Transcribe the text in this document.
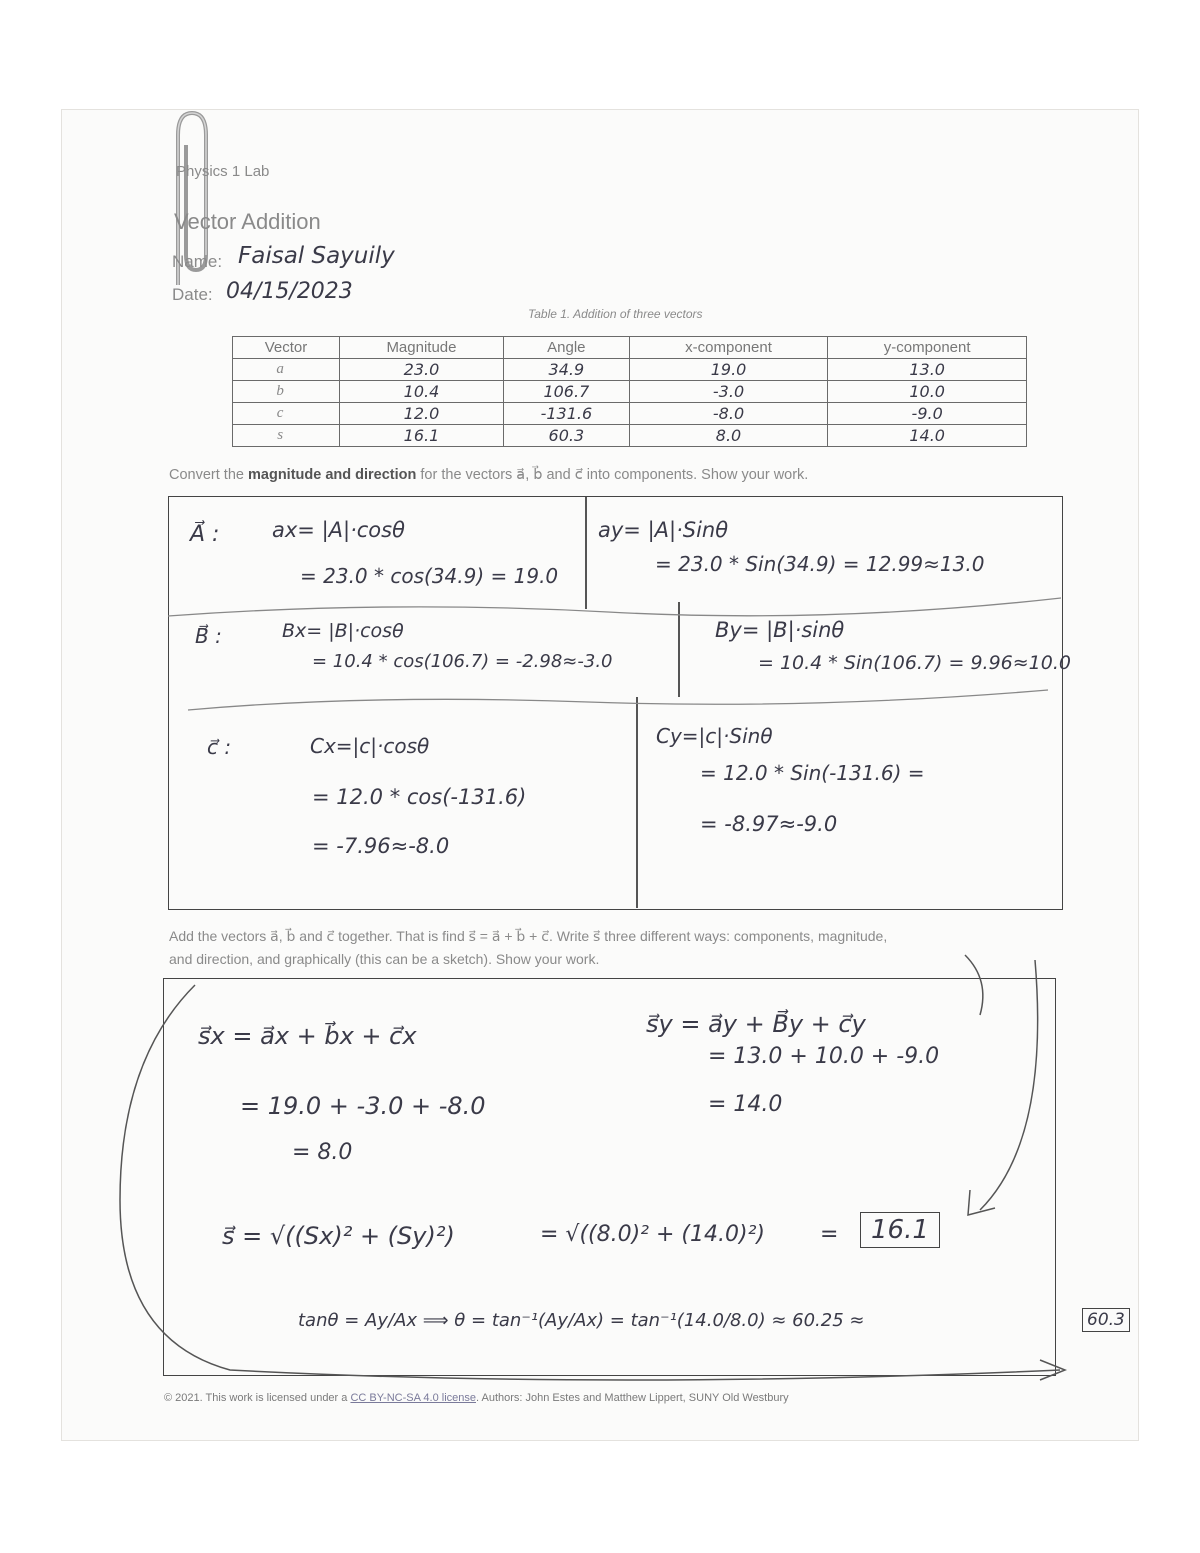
Physics 1 Lab
Vector Addition
Name: Faisal Sayuily
Date: 04/15/2023
Table 1. Addition of three vectors
Vector	Magnitude	Angle	x-component	y-component
a⃗	23.0	34.9	19.0	13.0
b⃗	10.4	106.7	-3.0	10.0
c⃗	12.0	-131.6	-8.0	-9.0
s⃗	16.1	60.3	8.0	14.0
Convert the magnitude and direction for the vectors a⃗, b⃗ and c⃗ into components. Show your work.
A⃗ :	ax= |A|·cosθ
= 23.0 * cos(34.9) = 19.0
ay= |A|·Sinθ
= 23.0 * Sin(34.9) = 12.99≈13.0
B⃗ :	Bx= |B|·cosθ
= 10.4 * cos(106.7) = -2.98≈-3.0
By= |B|·sinθ
= 10.4 * Sin(106.7) = 9.96≈10.0
c⃗ :	Cx=|c|·cosθ
= 12.0 * cos(-131.6)
= -7.96≈-8.0
Cy=|c|·Sinθ
= 12.0 * Sin(-131.6) =
= -8.97≈-9.0
Add the vectors a⃗, b⃗ and c⃗ together. That is find s⃗ = a⃗ + b⃗ + c⃗. Write s⃗ three different ways: components, magnitude,
and direction, and graphically (this can be a sketch). Show your work.
s⃗x = a⃗x + b⃗x + c⃗x
= 19.0 + -3.0 + -8.0
= 8.0
s⃗y = a⃗y + B⃗y + c⃗y
= 13.0 + 10.0 + -9.0
= 14.0
s⃗ = √((Sx)² + (Sy)²)	= √((8.0)² + (14.0)²)	=	16.1
tanθ = Ay/Ax ⟹ θ = tan⁻¹(Ay/Ax) = tan⁻¹(14.0/8.0) ≈ 60.25 ≈	60.3
© 2021. This work is licensed under a CC BY-NC-SA 4.0 license. Authors: John Estes and Matthew Lippert, SUNY Old Westbury
